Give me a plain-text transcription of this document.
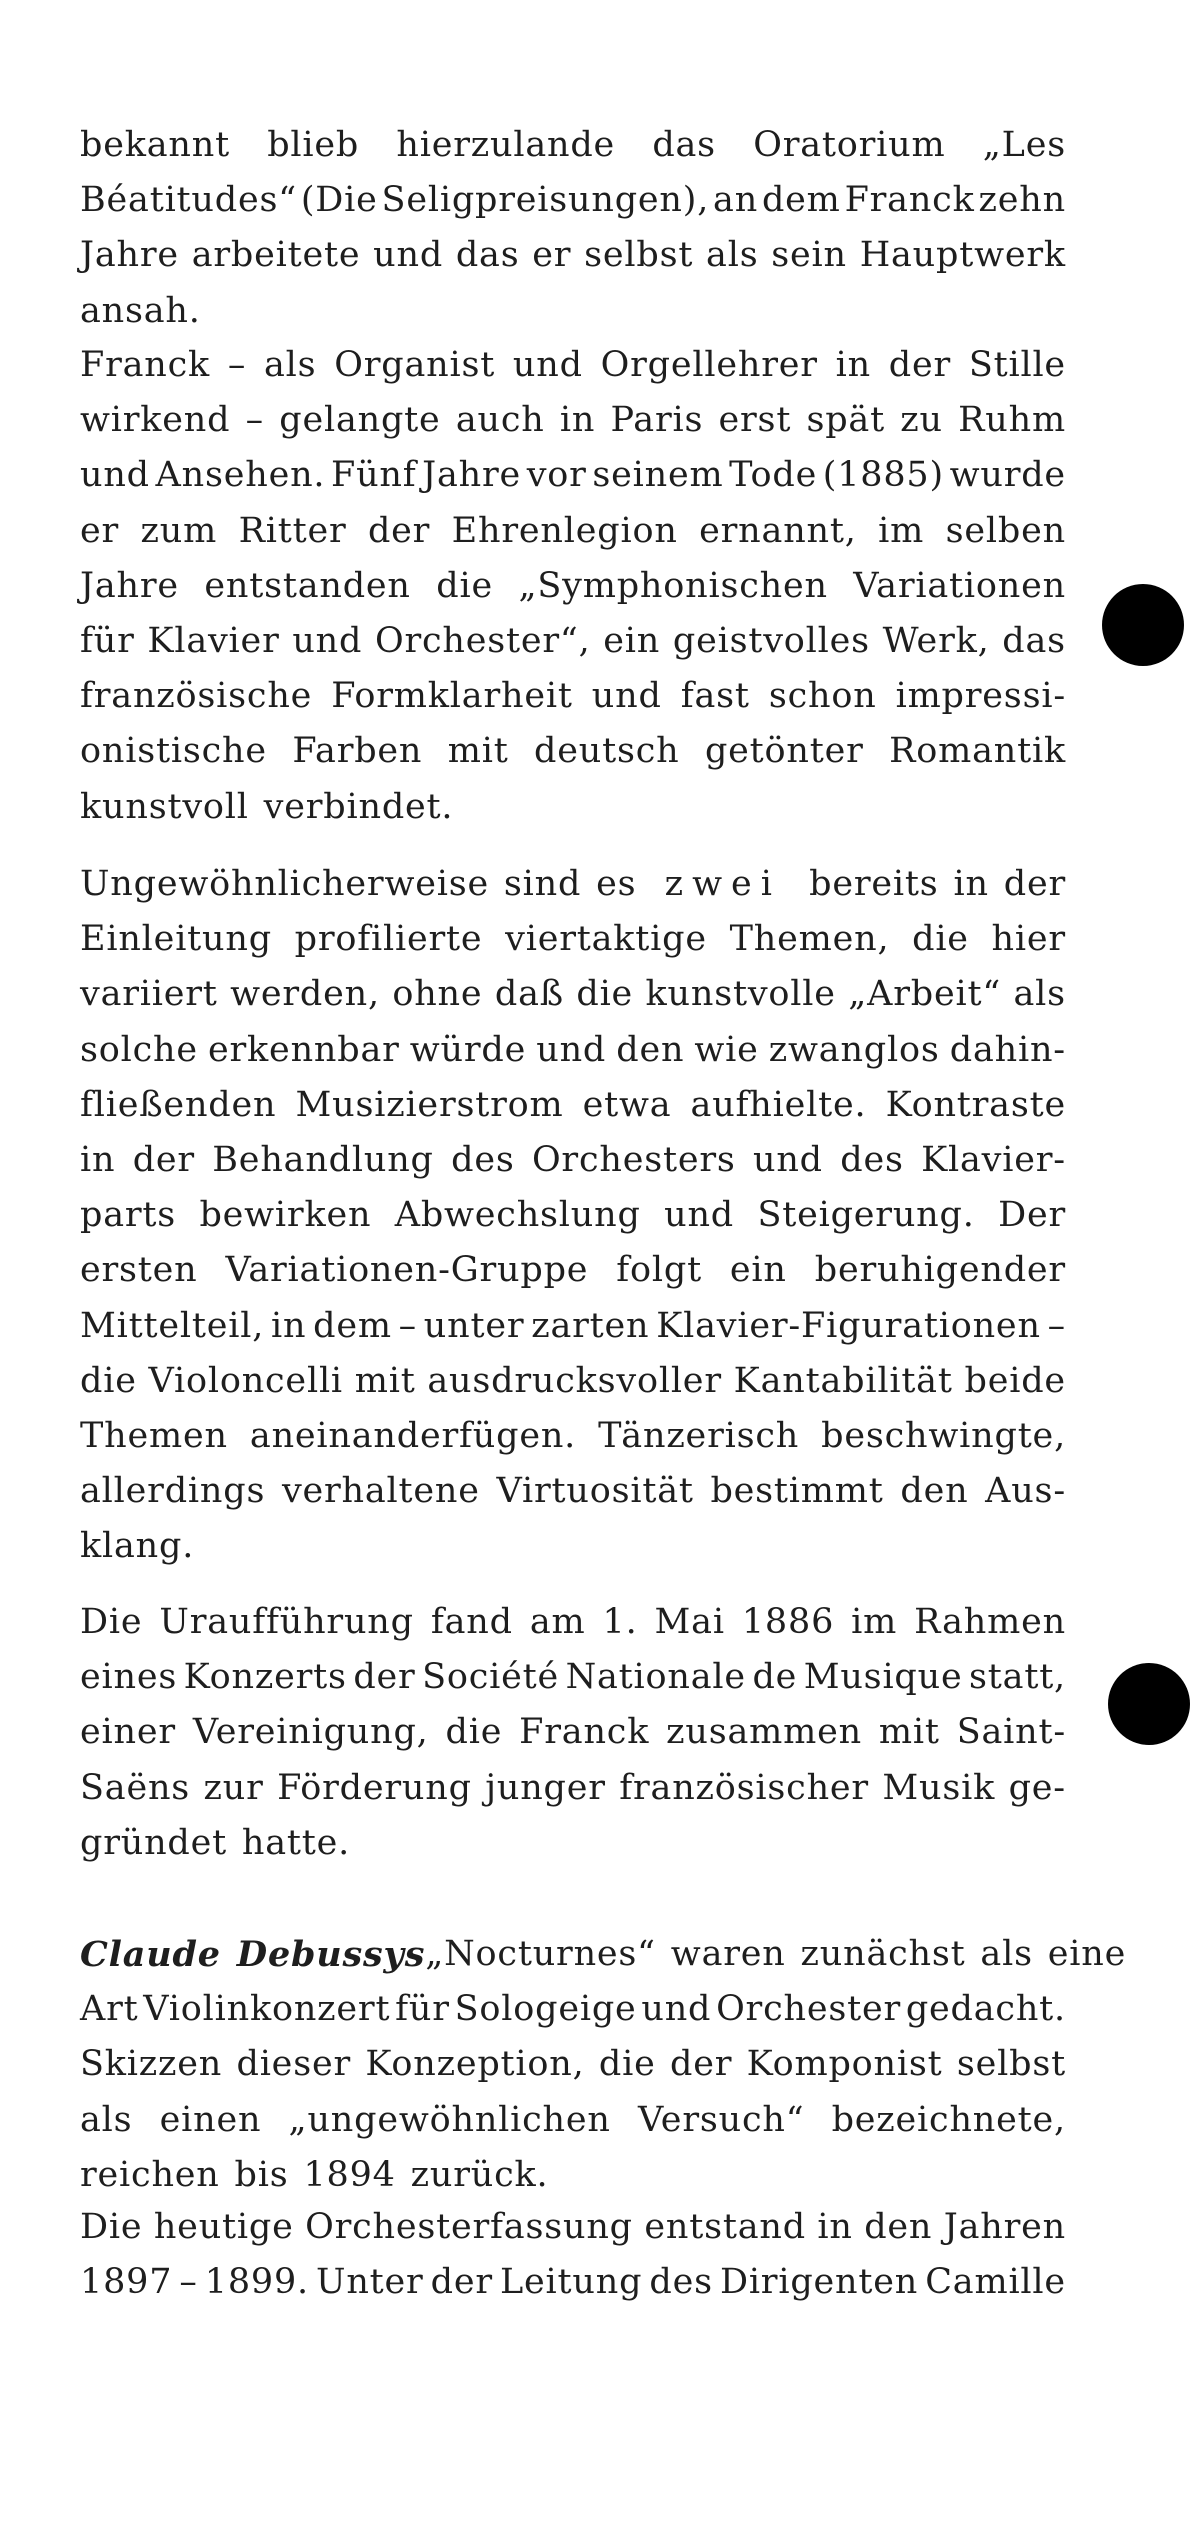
bekannt blieb hierzulande das Oratorium „Les
Béatitudes“ (Die Seligpreisungen), an dem Franck zehn
Jahre arbeitete und das er selbst als sein Hauptwerk
ansah.
Franck – als Organist und Orgellehrer in der Stille
wirkend – gelangte auch in Paris erst spät zu Ruhm
und Ansehen. Fünf Jahre vor seinem Tode (1885) wurde
er zum Ritter der Ehrenlegion ernannt, im selben
Jahre entstanden die „Symphonischen Variationen
für Klavier und Orchester“, ein geistvolles Werk, das
französische Formklarheit und fast schon impressi-
onistische Farben mit deutsch getönter Romantik
kunstvoll verbindet.
Ungewöhnlicherweise sind es zwei bereits in der
Einleitung profilierte viertaktige Themen, die hier
variiert werden, ohne daß die kunstvolle „Arbeit“ als
solche erkennbar würde und den wie zwanglos dahin-
fließenden Musizierstrom etwa aufhielte. Kontraste
in der Behandlung des Orchesters und des Klavier-
parts bewirken Abwechslung und Steigerung. Der
ersten Variationen-Gruppe folgt ein beruhigender
Mittelteil, in dem – unter zarten Klavier-Figurationen –
die Violoncelli mit ausdrucksvoller Kantabilität beide
Themen aneinanderfügen. Tänzerisch beschwingte,
allerdings verhaltene Virtuosität bestimmt den Aus-
klang.
Die Uraufführung fand am 1. Mai 1886 im Rahmen
eines Konzerts der Société Nationale de Musique statt,
einer Vereinigung, die Franck zusammen mit Saint-
Saëns zur Förderung junger französischer Musik ge-
gründet hatte.
Claude Debussys „Nocturnes“ waren zunächst als eine
Art Violinkonzert für Sologeige und Orchester gedacht.
Skizzen dieser Konzeption, die der Komponist selbst
als einen „ungewöhnlichen Versuch“ bezeichnete,
reichen bis 1894 zurück.
Die heutige Orchesterfassung entstand in den Jahren
1897 – 1899. Unter der Leitung des Dirigenten Camille
